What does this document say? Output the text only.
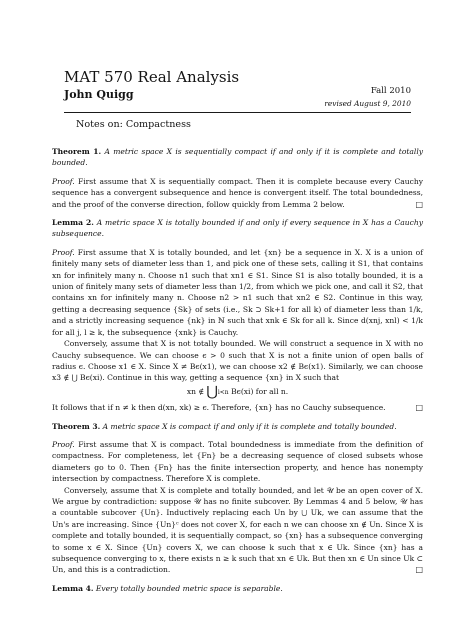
MAT 570 Real Analysis
John Quigg	Fall 2010
revised August 9, 2010
Notes on: Compactness

Theorem 1. A metric space X is sequentially compact if and only if it is complete and totally bounded.

Proof. First assume that X is sequentially compact. Then it is complete because every Cauchy sequence has a convergent subsequence and hence is convergent itself. The total boundedness, and the proof of the converse direction, follow quickly from Lemma 2 below.	□

Lemma 2. A metric space X is totally bounded if and only if every sequence in X has a Cauchy subsequence.

Proof. First assume that X is totally bounded, and let {xn} be a sequence in X. X is a union of finitely many sets of diameter less than 1, and pick one of these sets, calling it S1, that contains xn for infinitely many n. Choose n1 such that xn1 ∈ S1. Since S1 is also totally bounded, it is a union of finitely many sets of diameter less than 1/2, from which we pick one, and call it S2, that contains xn for infinitely many n. Choose n2 > n1 such that xn2 ∈ S2. Continue in this way, getting a decreasing sequence {Sk} of sets (i.e., Sk ⊃ Sk+1 for all k) of diameter less than 1/k, and a strictly increasing sequence {nk} in ℕ such that xnk ∈ Sk for all k. Since d(xnj, xnl) < 1/k for all j, l ≥ k, the subsequence {xnk} is Cauchy.

Conversely, assume that X is not totally bounded. We will construct a sequence in X with no Cauchy subsequence. We can choose ϵ > 0 such that X is not a finite union of open balls of radius ϵ. Choose x1 ∈ X. Since X ≠ Bϵ(x1), we can choose x2 ∉ Bϵ(x1). Similarly, we can choose x3 ∉ ⋃ Bϵ(xi). Continue in this way, getting a sequence {xn} in X such that

xn ∉ ⋃i<n Bϵ(xi) for all n.

It follows that if n ≠ k then d(xn, xk) ≥ ϵ. Therefore, {xn} has no Cauchy subsequence.	□

Theorem 3. A metric space X is compact if and only if it is complete and totally bounded.

Proof. First assume that X is compact. Total boundedness is immediate from the definition of compactness. For completeness, let {Fn} be a decreasing sequence of closed subsets whose diameters go to 0. Then {Fn} has the finite intersection property, and hence has nonempty intersection by compactness. Therefore X is complete.

Conversely, assume that X is complete and totally bounded, and let 𝒰 be an open cover of X. We argue by contradiction: suppose 𝒰 has no finite subcover. By Lemmas 4 and 5 below, 𝒰 has a countable subcover {Un}. Inductively replacing each Un by ⋃ Uk, we can assume that the Un's are increasing. Since {Un}ᶜ does not cover X, for each n we can choose xn ∉ Un. Since X is complete and totally bounded, it is sequentially compact, so {xn} has a subsequence converging to some x ∈ X. Since {Un} covers X, we can choose k such that x ∈ Uk. Since {xn} has a subsequence converging to x, there exists n ≥ k such that xn ∈ Uk. But then xn ∈ Un since Uk ⊂ Un, and this is a contradiction.	□

Lemma 4. Every totally bounded metric space is separable.
